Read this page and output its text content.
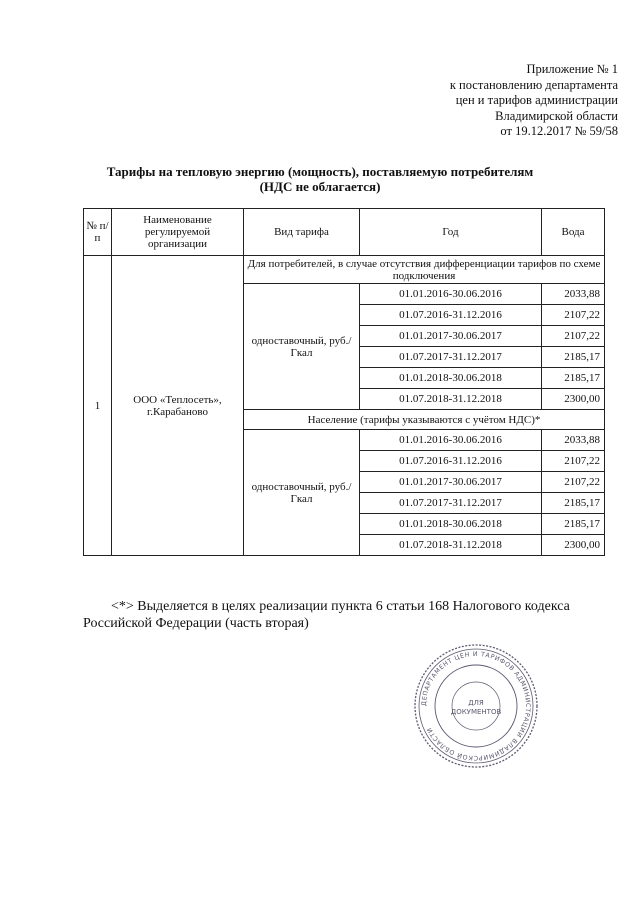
Приложение № 1
к постановлению департамента
цен и тарифов администрации
Владимирской области
от 19.12.2017 № 59/58
Тарифы на тепловую энергию (мощность), поставляемую потребителям
(НДС не облагается)
№ п/п	Наименование регулируемой организации	Вид тарифа	Год	Вода
1	ООО «Теплосеть», г.Карабаново	Для потребителей, в случае отсутствия дифференциации тарифов по схеме подключения		
		одноставочный, руб./Гкал	01.01.2016-30.06.2016	2033,88
			01.07.2016-31.12.2016	2107,22
			01.01.2017-30.06.2017	2107,22
			01.07.2017-31.12.2017	2185,17
			01.01.2018-30.06.2018	2185,17
			01.07.2018-31.12.2018	2300,00
		Население (тарифы указываются с учётом НДС)*		
		одноставочный, руб./Гкал	01.01.2016-30.06.2016	2033,88
			01.07.2016-31.12.2016	2107,22
			01.01.2017-30.06.2017	2107,22
			01.07.2017-31.12.2017	2185,17
			01.01.2018-30.06.2018	2185,17
			01.07.2018-31.12.2018	2300,00
<*> Выделяется в целях реализации пункта 6 статьи 168 Налогового кодекса Российской Федерации (часть вторая)
ДЕПАРТАМЕНТ ЦЕН И ТАРИФОВ АДМИНИСТРАЦИИ ВЛАДИМИРСКОЙ ОБЛАСТИ
ДЛЯ
ДОКУМЕНТОВ
